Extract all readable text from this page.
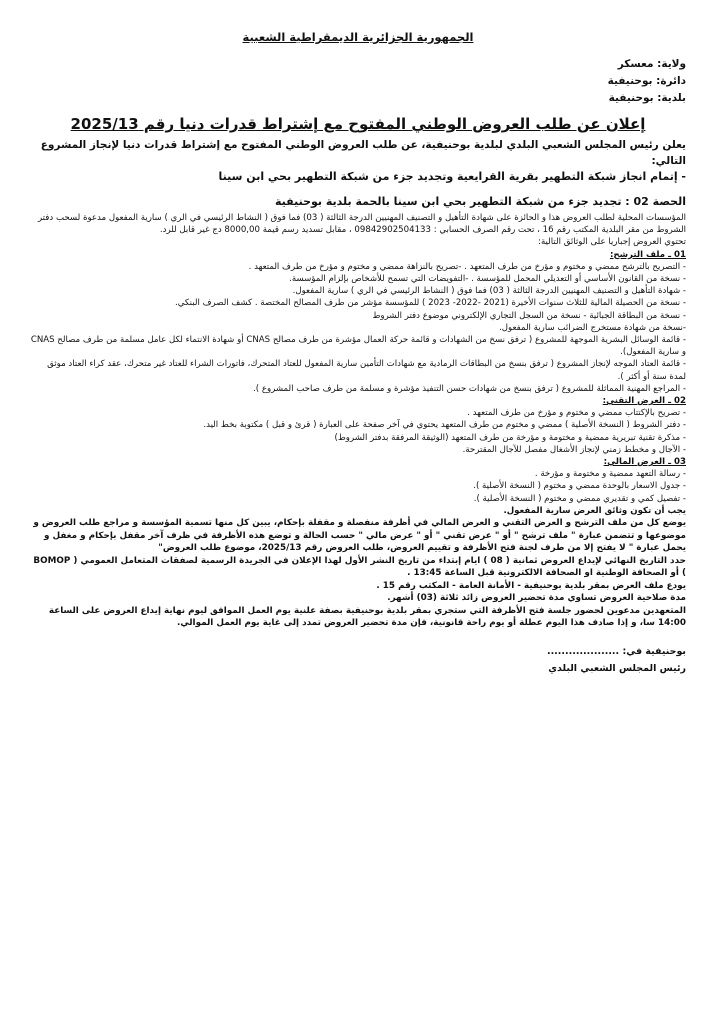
الجمهورية الجزائرية الديمقراطية الشعبية

ولاية: معسكر

دائرة: بوحنيفية

بلدية: بوحنيفية

إعلان عن طلب العروض الوطني المفتوح مع إشتراط قدرات دنيا رقم 2025/13

يعلن رئيس المجلس الشعبي البلدي لبلدية بوحنيفية، عن طلب العروض الوطني المفتوح مع إشتراط قدرات دنيا لإنجاز المشروع التالي:

- إتمام انجاز شبكة التطهير بقرية القرايعية وتجديد جزء من شبكة التطهير بحي ابن سينا

الحصة 02 : تجديد جزء من شبكة التطهير بحي ابن سينا بالحمة بلدية بوحنيفية

المؤسسات المحلية لطلب العروض هذا و الحائزة على شهادة التأهيل و التصنيف المهنيين الدرجة الثالثة ( 03) فما فوق ( النشاط الرئيسي في الري ) سارية المفعول مدعوة لسحب دفتر الشروط من مقر البلدية المكتب رقم 16 ، تحت رقم الصرف الحسابي : 09842902504133 ، مقابل تسديد رسم قيمة 8000,00 دج غير قابل للرد.

تحتوي العروض إجباريا على الوثائق التالية:

01 ـ ملف الترشح:

- التصريح بالترشح ممضي و مختوم و مؤرخ من طرف المتعهد . -تصريح بالنزاهة ممضي و مختوم و مؤرخ من طرف المتعهد .

- نسخة من القانون الأساسي أو التعديلي المحمل للمؤسسة . -التفويضات التي تسمح للأشخاص بإلزام المؤسسة.

- شهادة التأهيل و التصنيف المهنيين الدرجة الثالثة ( 03) فما فوق ( النشاط الرئيسي في الري ) سارية المفعول.

- نسخة من الحصيلة المالية للثلاث سنوات الأخيرة (2021 -2022- 2023 ) للمؤسسة مؤشر من طرف المصالح المختصة . كشف الصرف البنكي.

- نسخة من البطاقة الجبائية - نسخة من السجل التجاري الإلكتروني موضوع دفتر الشروط

-نسخة من شهادة مستخرج الضرائب سارية المفعول.

- قائمة الوسائل البشرية الموجهة للمشروع ( ترفق نسخ من الشهادات و قائمة حركة العمال مؤشرة من طرف مصالح CNAS أو شهادة الانتماء لكل عامل مسلمة من طرف مصالح CNAS و سارية المفعول).

- قائمة العتاد الموجه لإنجاز المشروع ( ترفق بنسخ من البطاقات الرمادية مع شهادات التأمين سارية المفعول للعتاد المتحرك، فاتورات الشراء للعتاد غير متحرك، عقد كراء العتاد موثق لمدة سنة أو أكثر ).

- المراجع المهنية المماثلة للمشروع ( ترفق بنسخ من شهادات حسن التنفيذ مؤشرة و مسلمة من طرف صاحب المشروع ).

02 ـ العرض التقني:

- تصريح بالإكتتاب ممضي و مختوم و مؤرخ من طرف المتعهد .

- دفتر الشروط ( النسخة الأصلية ) ممضي و مختوم من طرف المتعهد يحتوي في آخر صفحة على العبارة ( قرئ و قبل ) مكتوبة بخط اليد.

- مذكرة تقنية تبريرية ممضية و مختومة و مؤرخة من طرف المتعهد (الوثيقة المرفقة بدفتر الشروط)

- الآجال و مخطط زمني لإنجاز الأشغال مفصل للآجال المقترحة.

03 ـ العرض المالي:

- رسالة التعهد ممضية و مختومة و مؤرخة .

- جدول الاسعار بالوحدة ممضي و مختوم ( النسخة الأصلية ).

- تفصيل كمي و تقديري ممضي و مختوم ( النسخة الأصلية ).

يجب أن تكون وثائق العرض سارية المفعول.

يوضع كل من ملف الترشح و العرض التقني و العرض المالي في أظرفة منفصلة و مقفلة بإحكام، يبين كل منها تسمية المؤسسة و مراجع طلب العروض و موضوعها و تتضمن عبارة " ملف ترشح " أو " عرض تقني " أو " عرض مالي " حسب الحالة و توضع هذه الأظرفة في ظرف آخر مقفل بإحكام و مغفل و يحمل عبارة " لا يفتح إلا من طرف لجنة فتح الأظرفة و تقييم العروض، طلب العروض رقم 2025/13، موضوع طلب العروض"

حدد التاريخ النهائي لإيداع العروض ثمانية ( 08 ) ايام إبتداء من تاريخ النشر الأول لهذا الإعلان في الجريدة الرسمية لصفقات المتعامل العمومي ( BOMOP ) أو الصحافة الوطنية او الصحافة الالكترونية قبل الساعة 13:45 .

يودع ملف العرض بمقر بلدية بوحنيفية - الأمانة العامة - المكتب رقم 15 .

مدة صلاحية العروض تساوي مدة تحضير العروض زائد ثلاثة (03) أشهر.

المتعهدين مدعوين لحضور جلسة فتح الأظرفة التي ستجري بمقر بلدية بوحنيفية بصفة علنية يوم العمل الموافق ليوم نهاية إيداع العروض على الساعة 14:00 سا، و إذا صادف هذا اليوم عطلة أو يوم راحة قانونية، فإن مدة تحضير العروض تمدد إلى غاية يوم العمل الموالي.

بوحنيفية في: ....................

رئيس المجلس الشعبي البلدي
